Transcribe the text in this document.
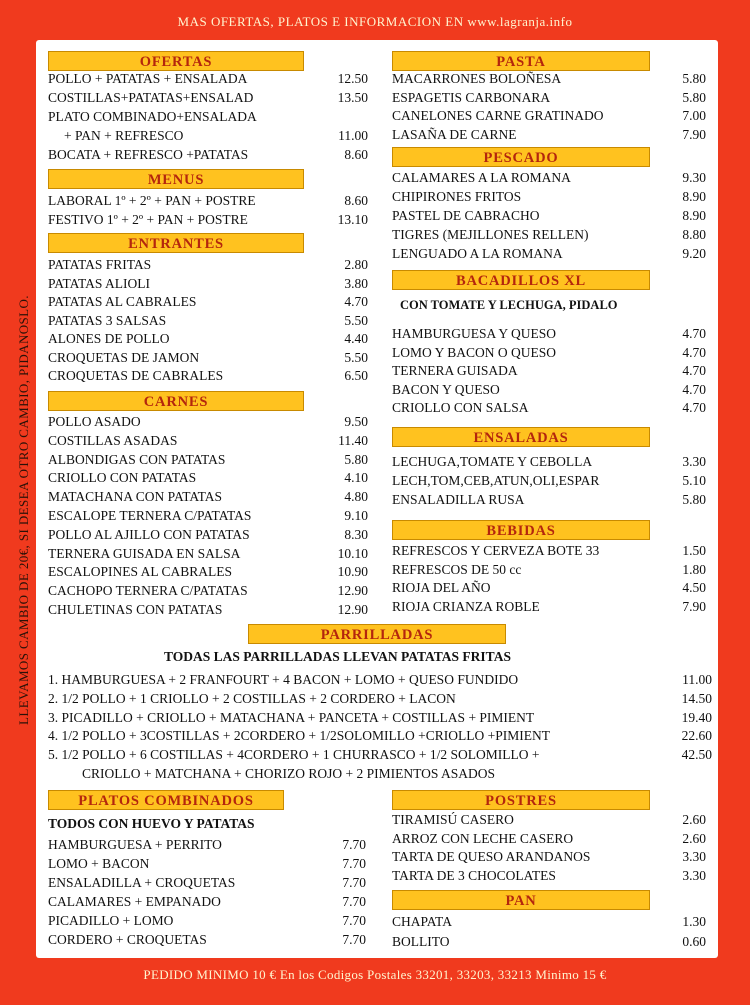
MAS OFERTAS, PLATOS E INFORMACION EN www.lagranja.info
LLEVAMOS CAMBIO DE 20€, SI DESEA OTRO CAMBIO, PIDANOSLO.
OFERTAS
POLLO + PATATAS + ENSALADA	12.50
COSTILLAS+PATATAS+ENSALAD	13.50
PLATO COMBINADO+ENSALADA
+ PAN + REFRESCO	11.00
BOCATA + REFRESCO +PATATAS	8.60
MENUS
LABORAL 1º + 2º + PAN + POSTRE	8.60
FESTIVO 1º + 2º + PAN + POSTRE	13.10
ENTRANTES
PATATAS FRITAS	2.80
PATATAS ALIOLI	3.80
PATATAS AL CABRALES	4.70
PATATAS 3 SALSAS	5.50
ALONES DE POLLO	4.40
CROQUETAS DE JAMON	5.50
CROQUETAS DE CABRALES	6.50
CARNES
POLLO ASADO	9.50
COSTILLAS ASADAS	11.40
ALBONDIGAS CON PATATAS	5.80
CRIOLLO CON PATATAS	4.10
MATACHANA CON PATATAS	4.80
ESCALOPE TERNERA C/PATATAS	9.10
POLLO AL AJILLO CON PATATAS	8.30
TERNERA GUISADA EN SALSA	10.10
ESCALOPINES AL CABRALES	10.90
CACHOPO TERNERA C/PATATAS	12.90
CHULETINAS CON PATATAS	12.90
PASTA
MACARRONES BOLOÑESA	5.80
ESPAGETIS CARBONARA	5.80
CANELONES CARNE GRATINADO	7.00
LASAÑA DE CARNE	7.90
PESCADO
CALAMARES A LA ROMANA	9.30
CHIPIRONES FRITOS	8.90
PASTEL DE CABRACHO	8.90
TIGRES (MEJILLONES RELLEN)	8.80
LENGUADO A LA ROMANA	9.20
BACADILLOS XL
CON TOMATE Y LECHUGA, PIDALO
HAMBURGUESA Y QUESO	4.70
LOMO Y BACON O QUESO	4.70
TERNERA GUISADA	4.70
BACON Y QUESO	4.70
CRIOLLO CON SALSA	4.70
ENSALADAS
LECHUGA,TOMATE Y CEBOLLA	3.30
LECH,TOM,CEB,ATUN,OLI,ESPAR	5.10
ENSALADILLA RUSA	5.80
BEBIDAS
REFRESCOS Y CERVEZA BOTE 33	1.50
REFRESCOS DE 50 cc	1.80
RIOJA DEL AÑO	4.50
RIOJA CRIANZA ROBLE	7.90
PARRILLADAS
TODAS LAS PARRILLADAS LLEVAN PATATAS FRITAS
1. HAMBURGUESA + 2 FRANFOURT + 4 BACON + LOMO + QUESO FUNDIDO	11.00
2. 1/2 POLLO + 1 CRIOLLO + 2 COSTILLAS + 2 CORDERO + LACON	14.50
3. PICADILLO + CRIOLLO + MATACHANA + PANCETA + COSTILLAS + PIMIENT	19.40
4. 1/2 POLLO + 3COSTILLAS + 2CORDERO + 1/2SOLOMILLO +CRIOLLO +PIMIENT	22.60
5. 1/2 POLLO + 6 COSTILLAS + 4CORDERO + 1 CHURRASCO + 1/2 SOLOMILLO +	42.50
CRIOLLO + MATCHANA + CHORIZO ROJO + 2 PIMIENTOS ASADOS
PLATOS COMBINADOS
TODOS CON HUEVO Y PATATAS
HAMBURGUESA + PERRITO	7.70
LOMO + BACON	7.70
ENSALADILLA + CROQUETAS	7.70
CALAMARES + EMPANADO	7.70
PICADILLO + LOMO	7.70
CORDERO + CROQUETAS	7.70
POSTRES
TIRAMISÚ CASERO	2.60
ARROZ CON LECHE CASERO	2.60
TARTA DE QUESO ARANDANOS	3.30
TARTA DE 3 CHOCOLATES	3.30
PAN
CHAPATA	1.30
BOLLITO	0.60
PEDIDO MINIMO 10 € En los Codigos Postales 33201, 33203, 33213 Minimo 15 €
